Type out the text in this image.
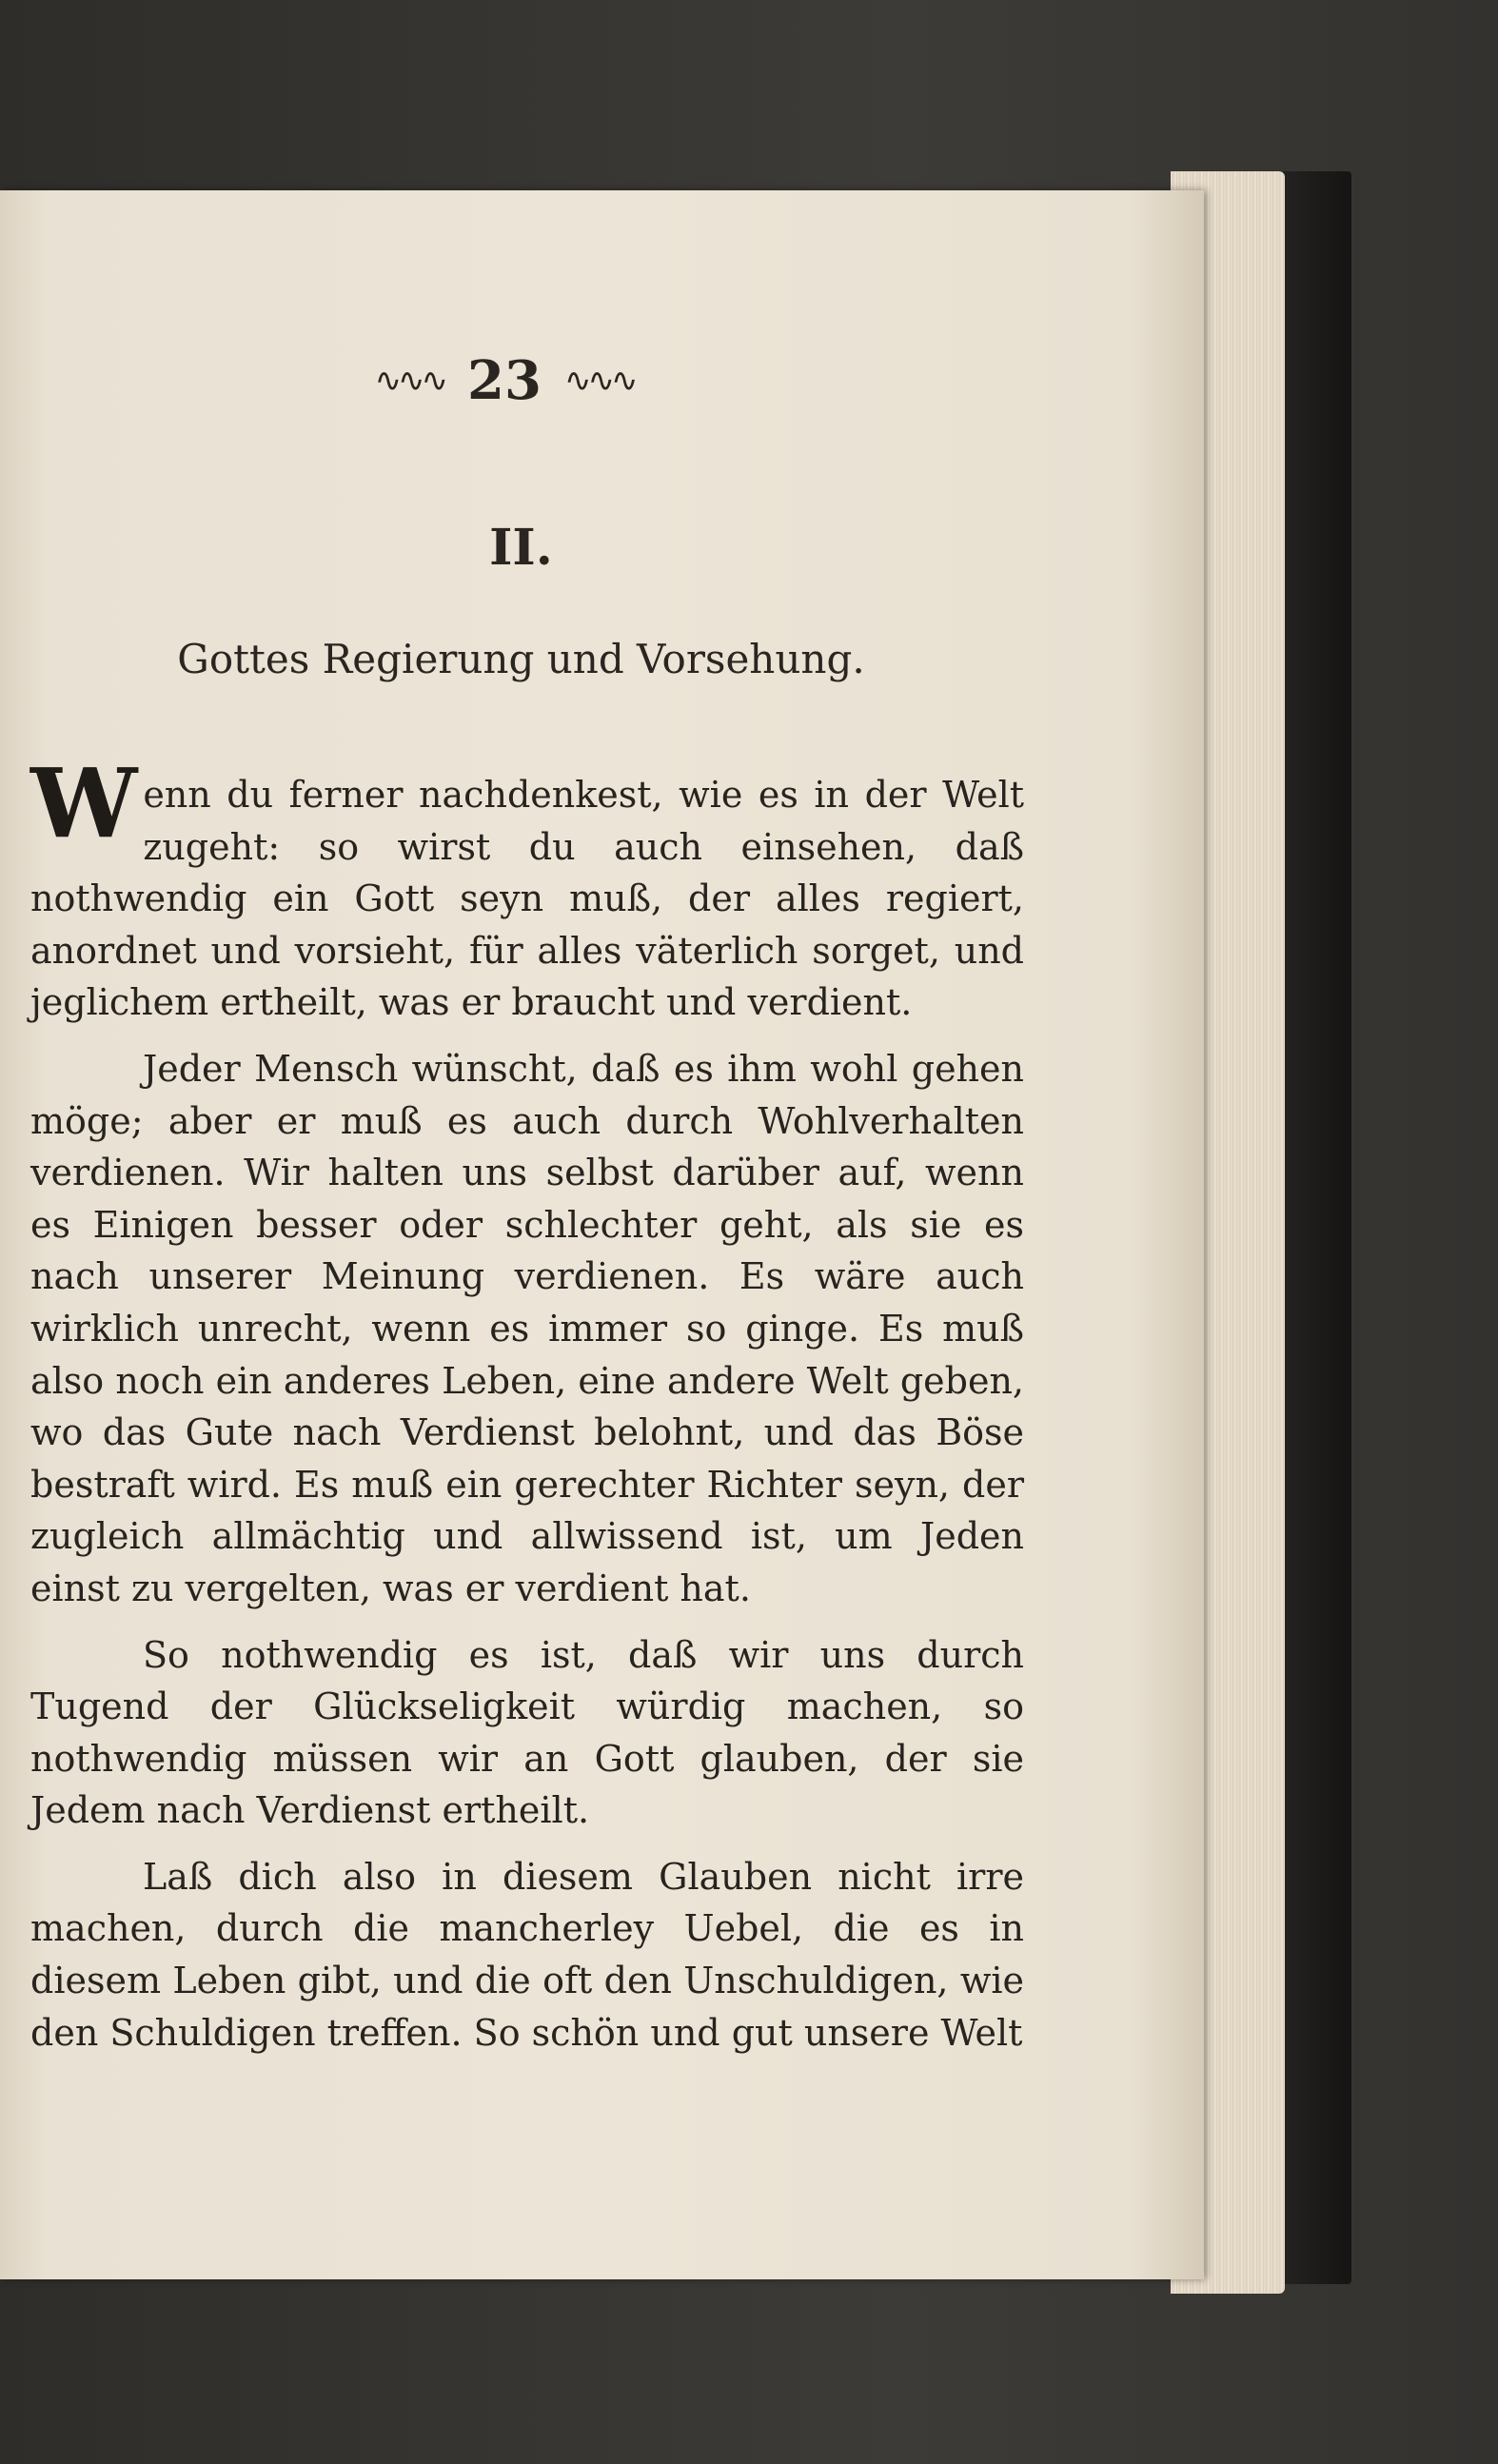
∿∿∿ 23 ∿∿∿
II.
Gottes Regierung und Vorsehung.

Wenn du ferner nachdenkest, wie es in der Welt zugeht: so wirst du auch einsehen, daß nothwendig ein Gott seyn muß, der alles regiert, anordnet und vorsieht, für alles väterlich sorget, und jeglichem ertheilt, was er braucht und verdient.

Jeder Mensch wünscht, daß es ihm wohl gehen möge; aber er muß es auch durch Wohlverhalten verdienen. Wir halten uns selbst darüber auf, wenn es Einigen besser oder schlechter geht, als sie es nach unserer Meinung verdienen. Es wäre auch wirklich unrecht, wenn es immer so ginge. Es muß also noch ein anderes Leben, eine andere Welt geben, wo das Gute nach Verdienst belohnt, und das Böse bestraft wird. Es muß ein gerechter Richter seyn, der zugleich allmächtig und allwissend ist, um Jeden einst zu vergelten, was er verdient hat.

So nothwendig es ist, daß wir uns durch Tugend der Glückseligkeit würdig machen, so nothwendig müssen wir an Gott glauben, der sie Jedem nach Verdienst ertheilt.

Laß dich also in diesem Glauben nicht irre machen, durch die mancherley Uebel, die es in diesem Leben gibt, und die oft den Unschuldigen, wie den Schuldigen treffen. So schön und gut unsere Welt
